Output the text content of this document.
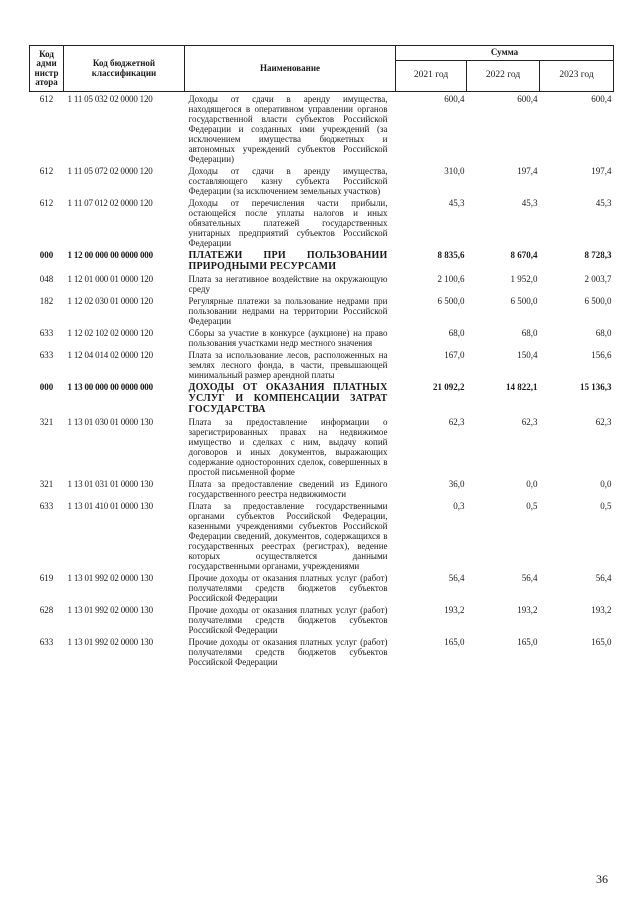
Код адми нистр атора	Код бюджетной классификации	Наименование	Сумма		
			2021 год	2022 год	2023 год
612	1 11 05 032 02 0000 120	Доходы от сдачи в аренду имущества, находящегося в оперативном управлении органов государственной власти субъектов Российской Федерации и созданных ими учреждений (за исключением имущества бюджетных и автономных учреждений субъектов Российской Федерации)	600,4	600,4	600,4
612	1 11 05 072 02 0000 120	Доходы от сдачи в аренду имущества, составляющего казну субъекта Российской Федерации (за исключением земельных участков)	310,0	197,4	197,4
612	1 11 07 012 02 0000 120	Доходы от перечисления части прибыли, остающейся после уплаты налогов и иных обязательных платежей государственных унитарных предприятий субъектов Российской Федерации	45,3	45,3	45,3
000	1 12 00 000 00 0000 000	ПЛАТЕЖИ ПРИ ПОЛЬЗОВАНИИ ПРИРОДНЫМИ РЕСУРСАМИ	8 835,6	8 670,4	8 728,3
048	1 12 01 000 01 0000 120	Плата за негативное воздействие на окружающую среду	2 100,6	1 952,0	2 003,7
182	1 12 02 030 01 0000 120	Регулярные платежи за пользование недрами при пользовании недрами на территории Российской Федерации	6 500,0	6 500,0	6 500,0
633	1 12 02 102 02 0000 120	Сборы за участие в конкурсе (аукционе) на право пользования участками недр местного значения	68,0	68,0	68,0
633	1 12 04 014 02 0000 120	Плата за использование лесов, расположенных на землях лесного фонда, в части, превышающей минимальный размер арендной платы	167,0	150,4	156,6
000	1 13 00 000 00 0000 000	ДОХОДЫ ОТ ОКАЗАНИЯ ПЛАТНЫХ УСЛУГ И КОМПЕНСАЦИИ ЗАТРАТ ГОСУДАРСТВА	21 092,2	14 822,1	15 136,3
321	1 13 01 030 01 0000 130	Плата за предоставление информации о зарегистрированных правах на недвижимое имущество и сделках с ним, выдачу копий договоров и иных документов, выражающих содержание односторонних сделок, совершенных в простой письменной форме	62,3	62,3	62,3
321	1 13 01 031 01 0000 130	Плата за предоставление сведений из Единого государственного реестра недвижимости	36,0	0,0	0,0
633	1 13 01 410 01 0000 130	Плата за предоставление государственными органами субъектов Российской Федерации, казенными учреждениями субъектов Российской Федерации сведений, документов, содержащихся в государственных реестрах (регистрах), ведение которых осуществляется данными государственными органами, учреждениями	0,3	0,5	0,5
619	1 13 01 992 02 0000 130	Прочие доходы от оказания платных услуг (работ) получателями средств бюджетов субъектов Российской Федерации	56,4	56,4	56,4
628	1 13 01 992 02 0000 130	Прочие доходы от оказания платных услуг (работ) получателями средств бюджетов субъектов Российской Федерации	193,2	193,2	193,2
633	1 13 01 992 02 0000 130	Прочие доходы от оказания платных услуг (работ) получателями средств бюджетов субъектов Российской Федерации	165,0	165,0	165,0
36
